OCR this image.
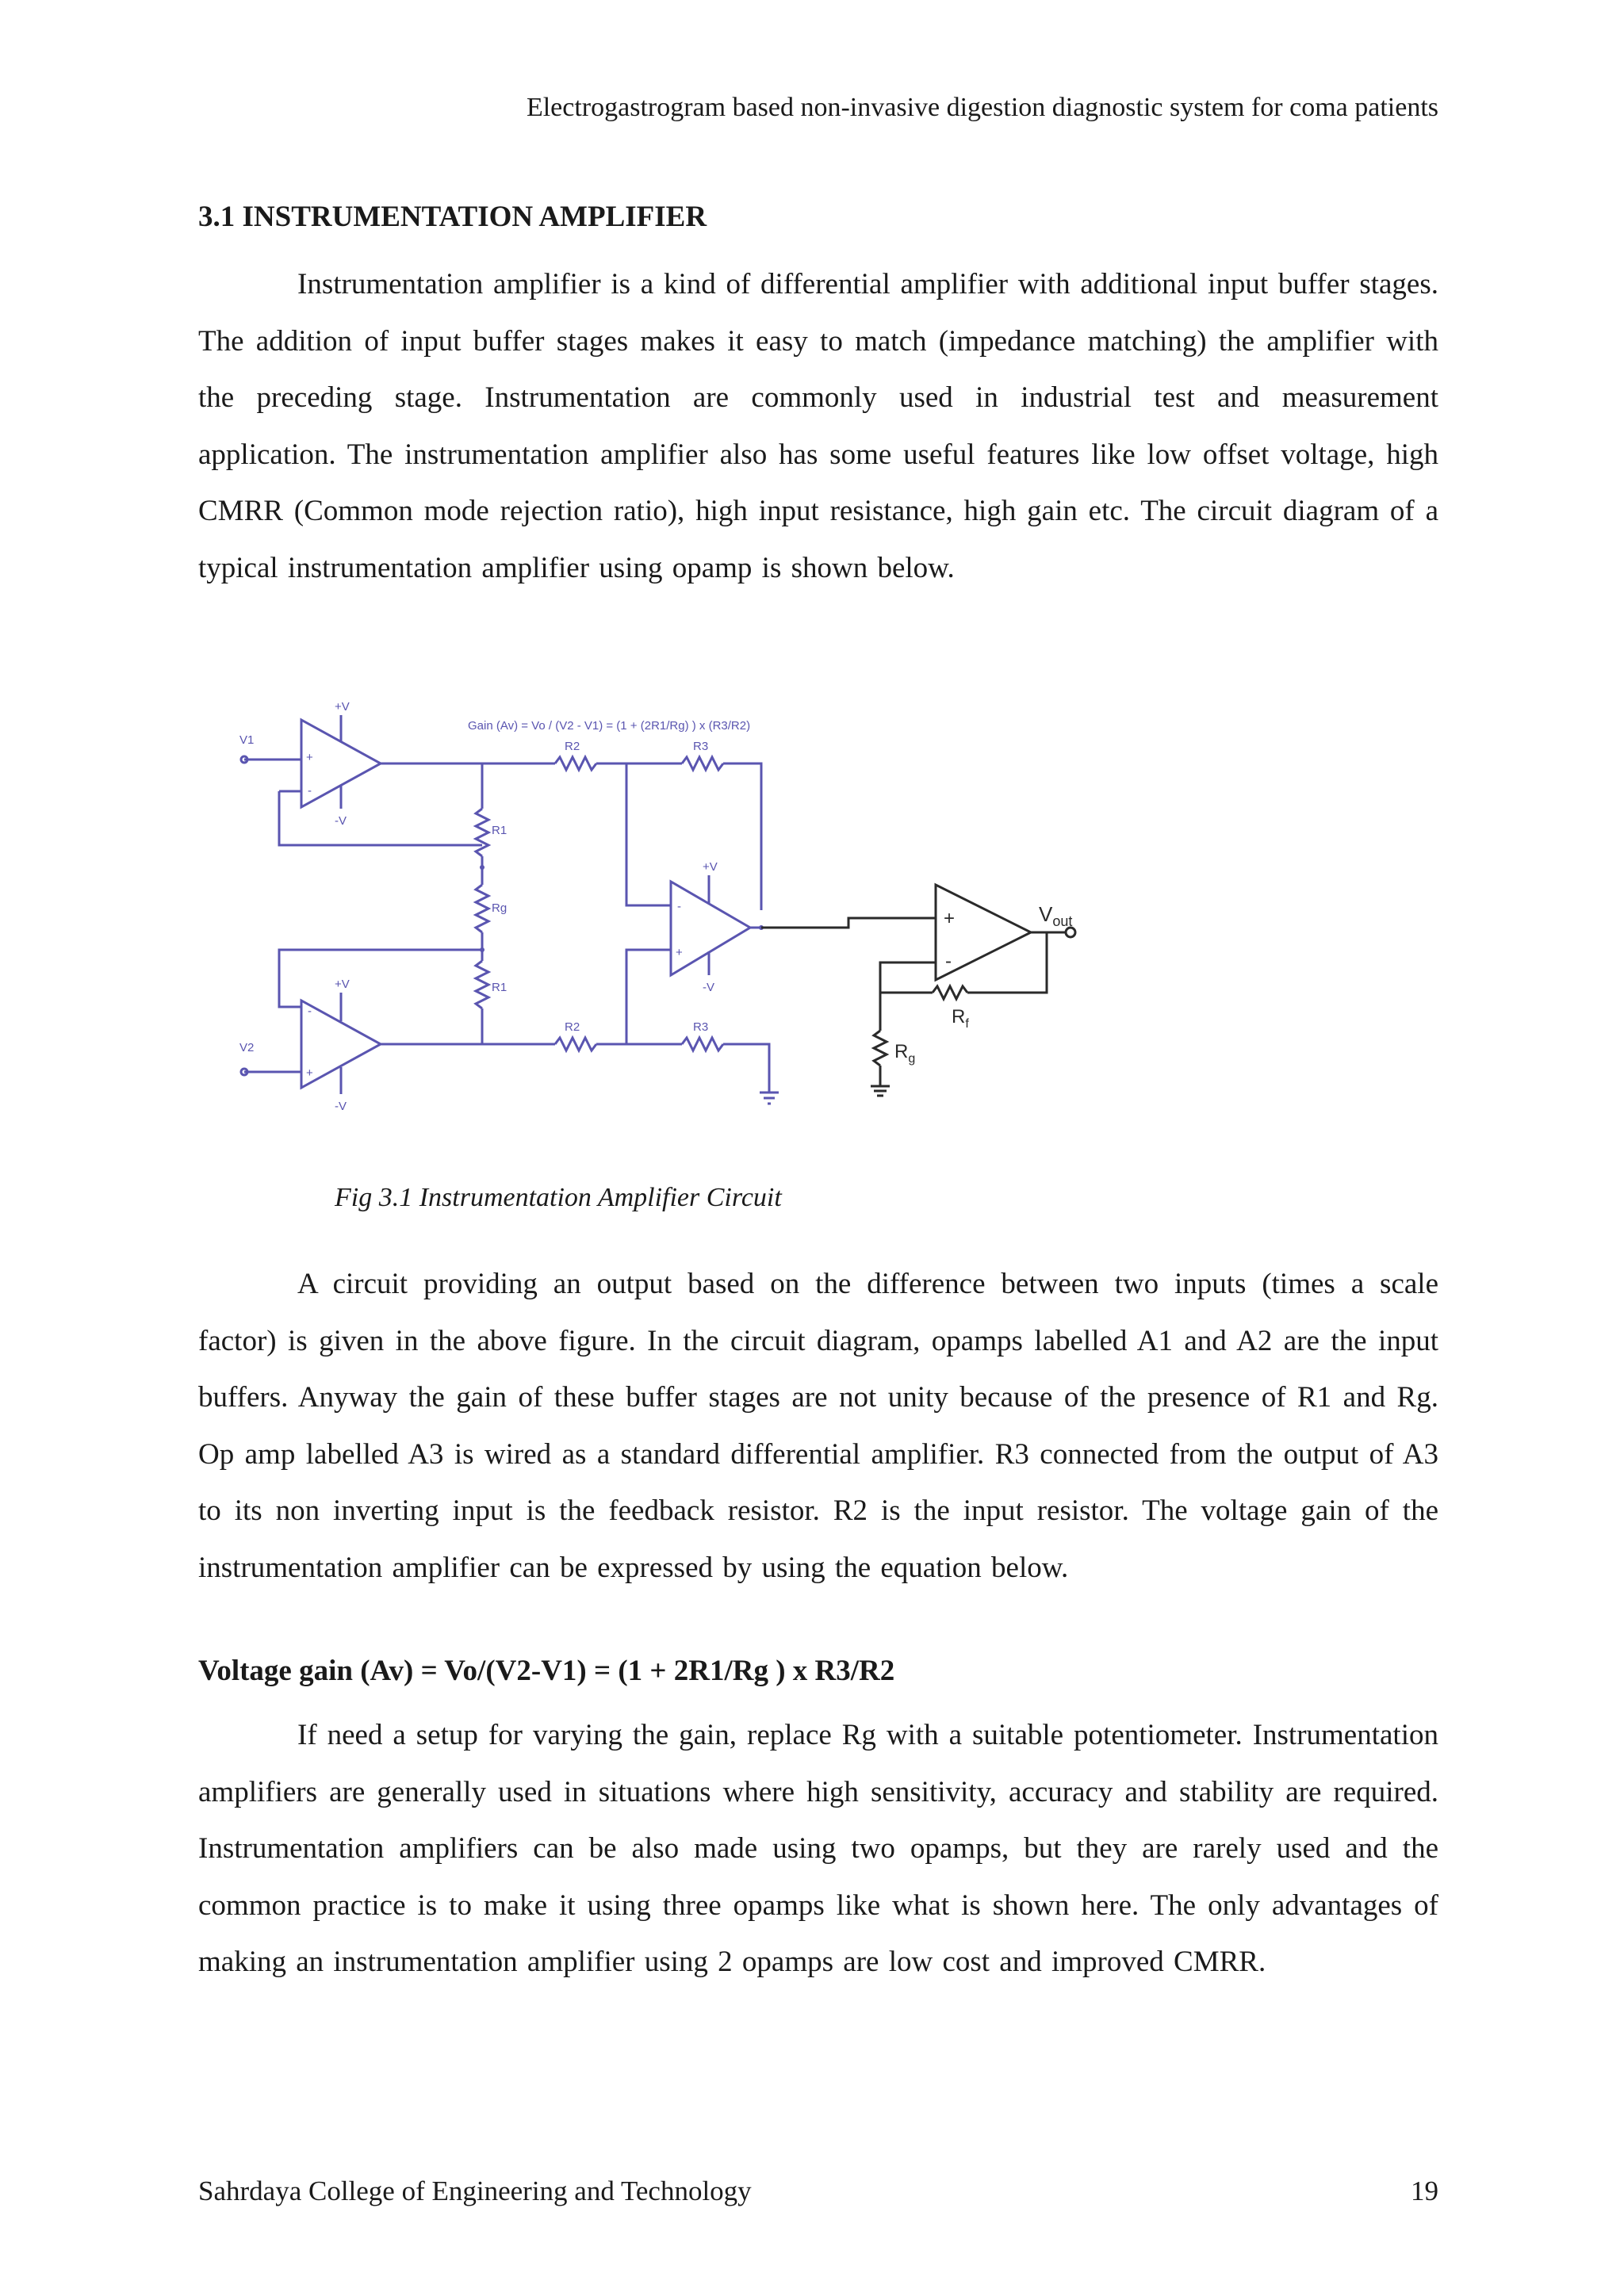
Electrogastrogram based non-invasive digestion diagnostic system for coma patients
3.1 INSTRUMENTATION AMPLIFIER

Instrumentation amplifier is a kind of differential amplifier with additional input buffer stages. The addition of input buffer stages makes it easy to match (impedance matching) the amplifier with the preceding stage. Instrumentation are commonly used in industrial test and measurement application. The instrumentation amplifier also has some useful features like low offset voltage, high CMRR (Common mode rejection ratio), high input resistance, high gain etc. The circuit diagram of a typical instrumentation amplifier using opamp is shown below.

Gain (Av) = Vo / (V2 - V1) = (1 + (2R1/Rg) ) x (R3/R2)
V1
+
-
+V
-V
R2	R3
R1
Rg
R1
-
+
+V
-V
V2
R2	R3
-
+
+V
-V
+
-
$V_{out}$
$R_f$
$R_g$
Fig 3.1 Instrumentation Amplifier Circuit

A circuit providing an output based on the difference between two inputs (times a scale factor) is given in the above figure. In the circuit diagram, opamps labelled A1 and A2 are the input buffers. Anyway the gain of these buffer stages are not unity because of the presence of R1 and Rg. Op amp labelled A3 is wired as a standard differential amplifier. R3 connected from the output of A3 to its non inverting input is the feedback resistor. R2 is the input resistor. The voltage gain of the instrumentation amplifier can be expressed by using the equation below.

Voltage gain (Av) = Vo/(V2-V1) = (1 + 2R1/Rg ) x R3/R2

If need a setup for varying the gain, replace Rg with a suitable potentiometer. Instrumentation amplifiers are generally used in situations where high sensitivity, accuracy and stability are required. Instrumentation amplifiers can be also made using two opamps, but they are rarely used and the common practice is to make it using three opamps like what is shown here. The only advantages of making an instrumentation amplifier using 2 opamps are low cost and improved CMRR.

Sahrdaya College of Engineering and Technology	19
